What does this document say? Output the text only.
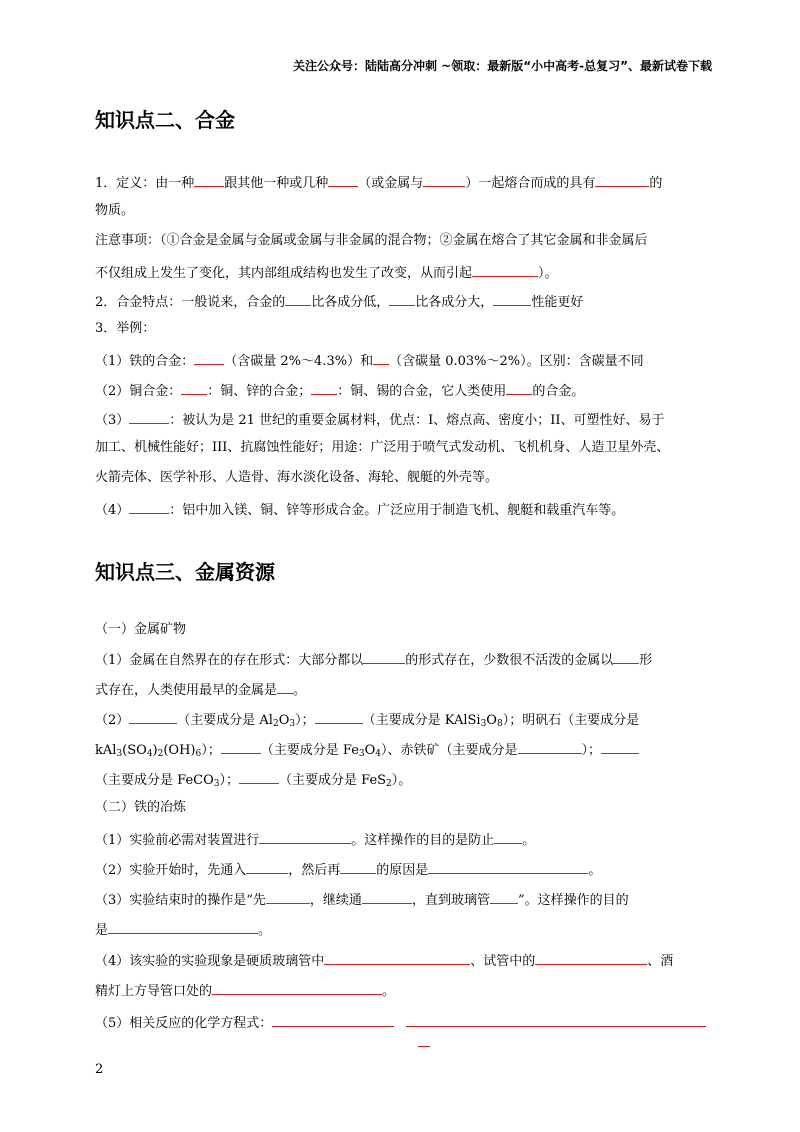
关注公众号：陆陆高分冲刺 ~领取：最新版“小中高考-总复习”、最新试卷下载
知识点二、合金
1．定义：由一种 跟其他一种或几种 （或金属与	）一起熔合而成的具有	的
物质。
注意事项：（①合金是金属与金属或金属与非金属的混合物；②金属在熔合了其它金属和非金属后
不仅组成上发生了变化，其内部组成结构也发生了改变，从而引起	）。
2．合金特点：一般说来，合金的 比各成分低， 比各成分大，	性能更好
3．举例：
（1）铁的合金： （含碳量 2%～4.3%）和 （含碳量 0.03%～2%）。区别：含碳量不同
（2）铜合金： ：铜、锌的合金； ：铜、锡的合金，它人类使用 的合金。
（3）	：被认为是 21 世纪的重要金属材料，优点：I、熔点高、密度小；II、可塑性好、易于
加工、机械性能好；III、抗腐蚀性能好；用途：广泛用于喷气式发动机、飞机机身、人造卫星外壳、
火箭壳体、医学补形、人造骨、海水淡化设备、海轮、舰艇的外壳等。
（4）	：铝中加入镁、铜、锌等形成合金。广泛应用于制造飞机、舰艇和载重汽车等。
知识点三、金属资源
（一）金属矿物
（1）金属在自然界在的存在形式：大部分都以	的形式存在，少数很不活泼的金属以 形
式存在，人类使用最早的金属是 。
（2）	（主要成分是 $Al_2O_3$）；	（主要成分是 $KAlSi_3O_8$）；明矾石（主要成分是
$kAl_3(SO_4)_2(OH)_6$）；	（主要成分是 $Fe_3O_4$）、赤铁矿（主要成分是	）；
（主要成分是 FeCO$_3$）；	（主要成分是 FeS$_2$）。
（二）铁的冶炼
（1）实验前必需对装置进行	。这样操作的目的是防止 。
（2）实验开始时，先通入	，然后再	的原因是	。
（3）实验结束时的操作是“先	，继续通	，直到玻璃管 ”。这样操作的目的
是	。
（4）该实验的实验现象是硬质玻璃管中	、试管中的	、酒
精灯上方导管口处的	。
（5）相关反应的化学方程式：
2
